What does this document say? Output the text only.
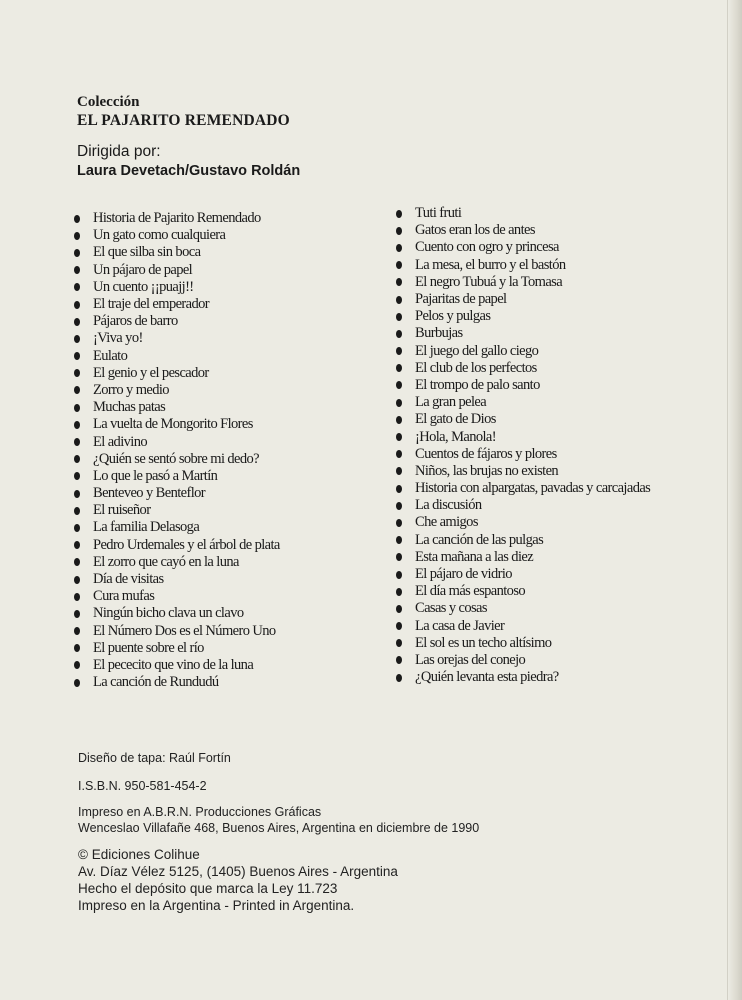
Colección
EL PAJARITO REMENDADO
Dirigida por:
Laura Devetach/Gustavo Roldán
Historia de Pajarito Remendado
Un gato como cualquiera
El que silba sin boca
Un pájaro de papel
Un cuento ¡¡puajj!!
El traje del emperador
Pájaros de barro
¡Viva yo!
Eulato
El genio y el pescador
Zorro y medio
Muchas patas
La vuelta de Mongorito Flores
El adivino
¿Quién se sentó sobre mi dedo?
Lo que le pasó a Martín
Benteveo y Benteflor
El ruiseñor
La familia Delasoga
Pedro Urdemales y el árbol de plata
El zorro que cayó en la luna
Día de visitas
Cura mufas
Ningún bicho clava un clavo
El Número Dos es el Número Uno
El puente sobre el río
El pececito que vino de la luna
La canción de Rundudú
Tuti fruti
Gatos eran los de antes
Cuento con ogro y princesa
La mesa, el burro y el bastón
El negro Tubuá y la Tomasa
Pajaritas de papel
Pelos y pulgas
Burbujas
El juego del gallo ciego
El club de los perfectos
El trompo de palo santo
La gran pelea
El gato de Dios
¡Hola, Manola!
Cuentos de fájaros y plores
Niños, las brujas no existen
Historia con alpargatas, pavadas y carcajadas
La discusión
Che amigos
La canción de las pulgas
Esta mañana a las diez
El pájaro de vidrio
El día más espantoso
Casas y cosas
La casa de Javier
El sol es un techo altísimo
Las orejas del conejo
¿Quién levanta esta piedra?
Diseño de tapa: Raúl Fortín
I.S.B.N. 950-581-454-2
Impreso en A.B.R.N. Producciones Gráficas
Wenceslao Villafañe 468, Buenos Aires, Argentina en diciembre de 1990
© Ediciones Colihue
Av. Díaz Vélez 5125, (1405) Buenos Aires - Argentina
Hecho el depósito que marca la Ley 11.723
Impreso en la Argentina - Printed in Argentina.
